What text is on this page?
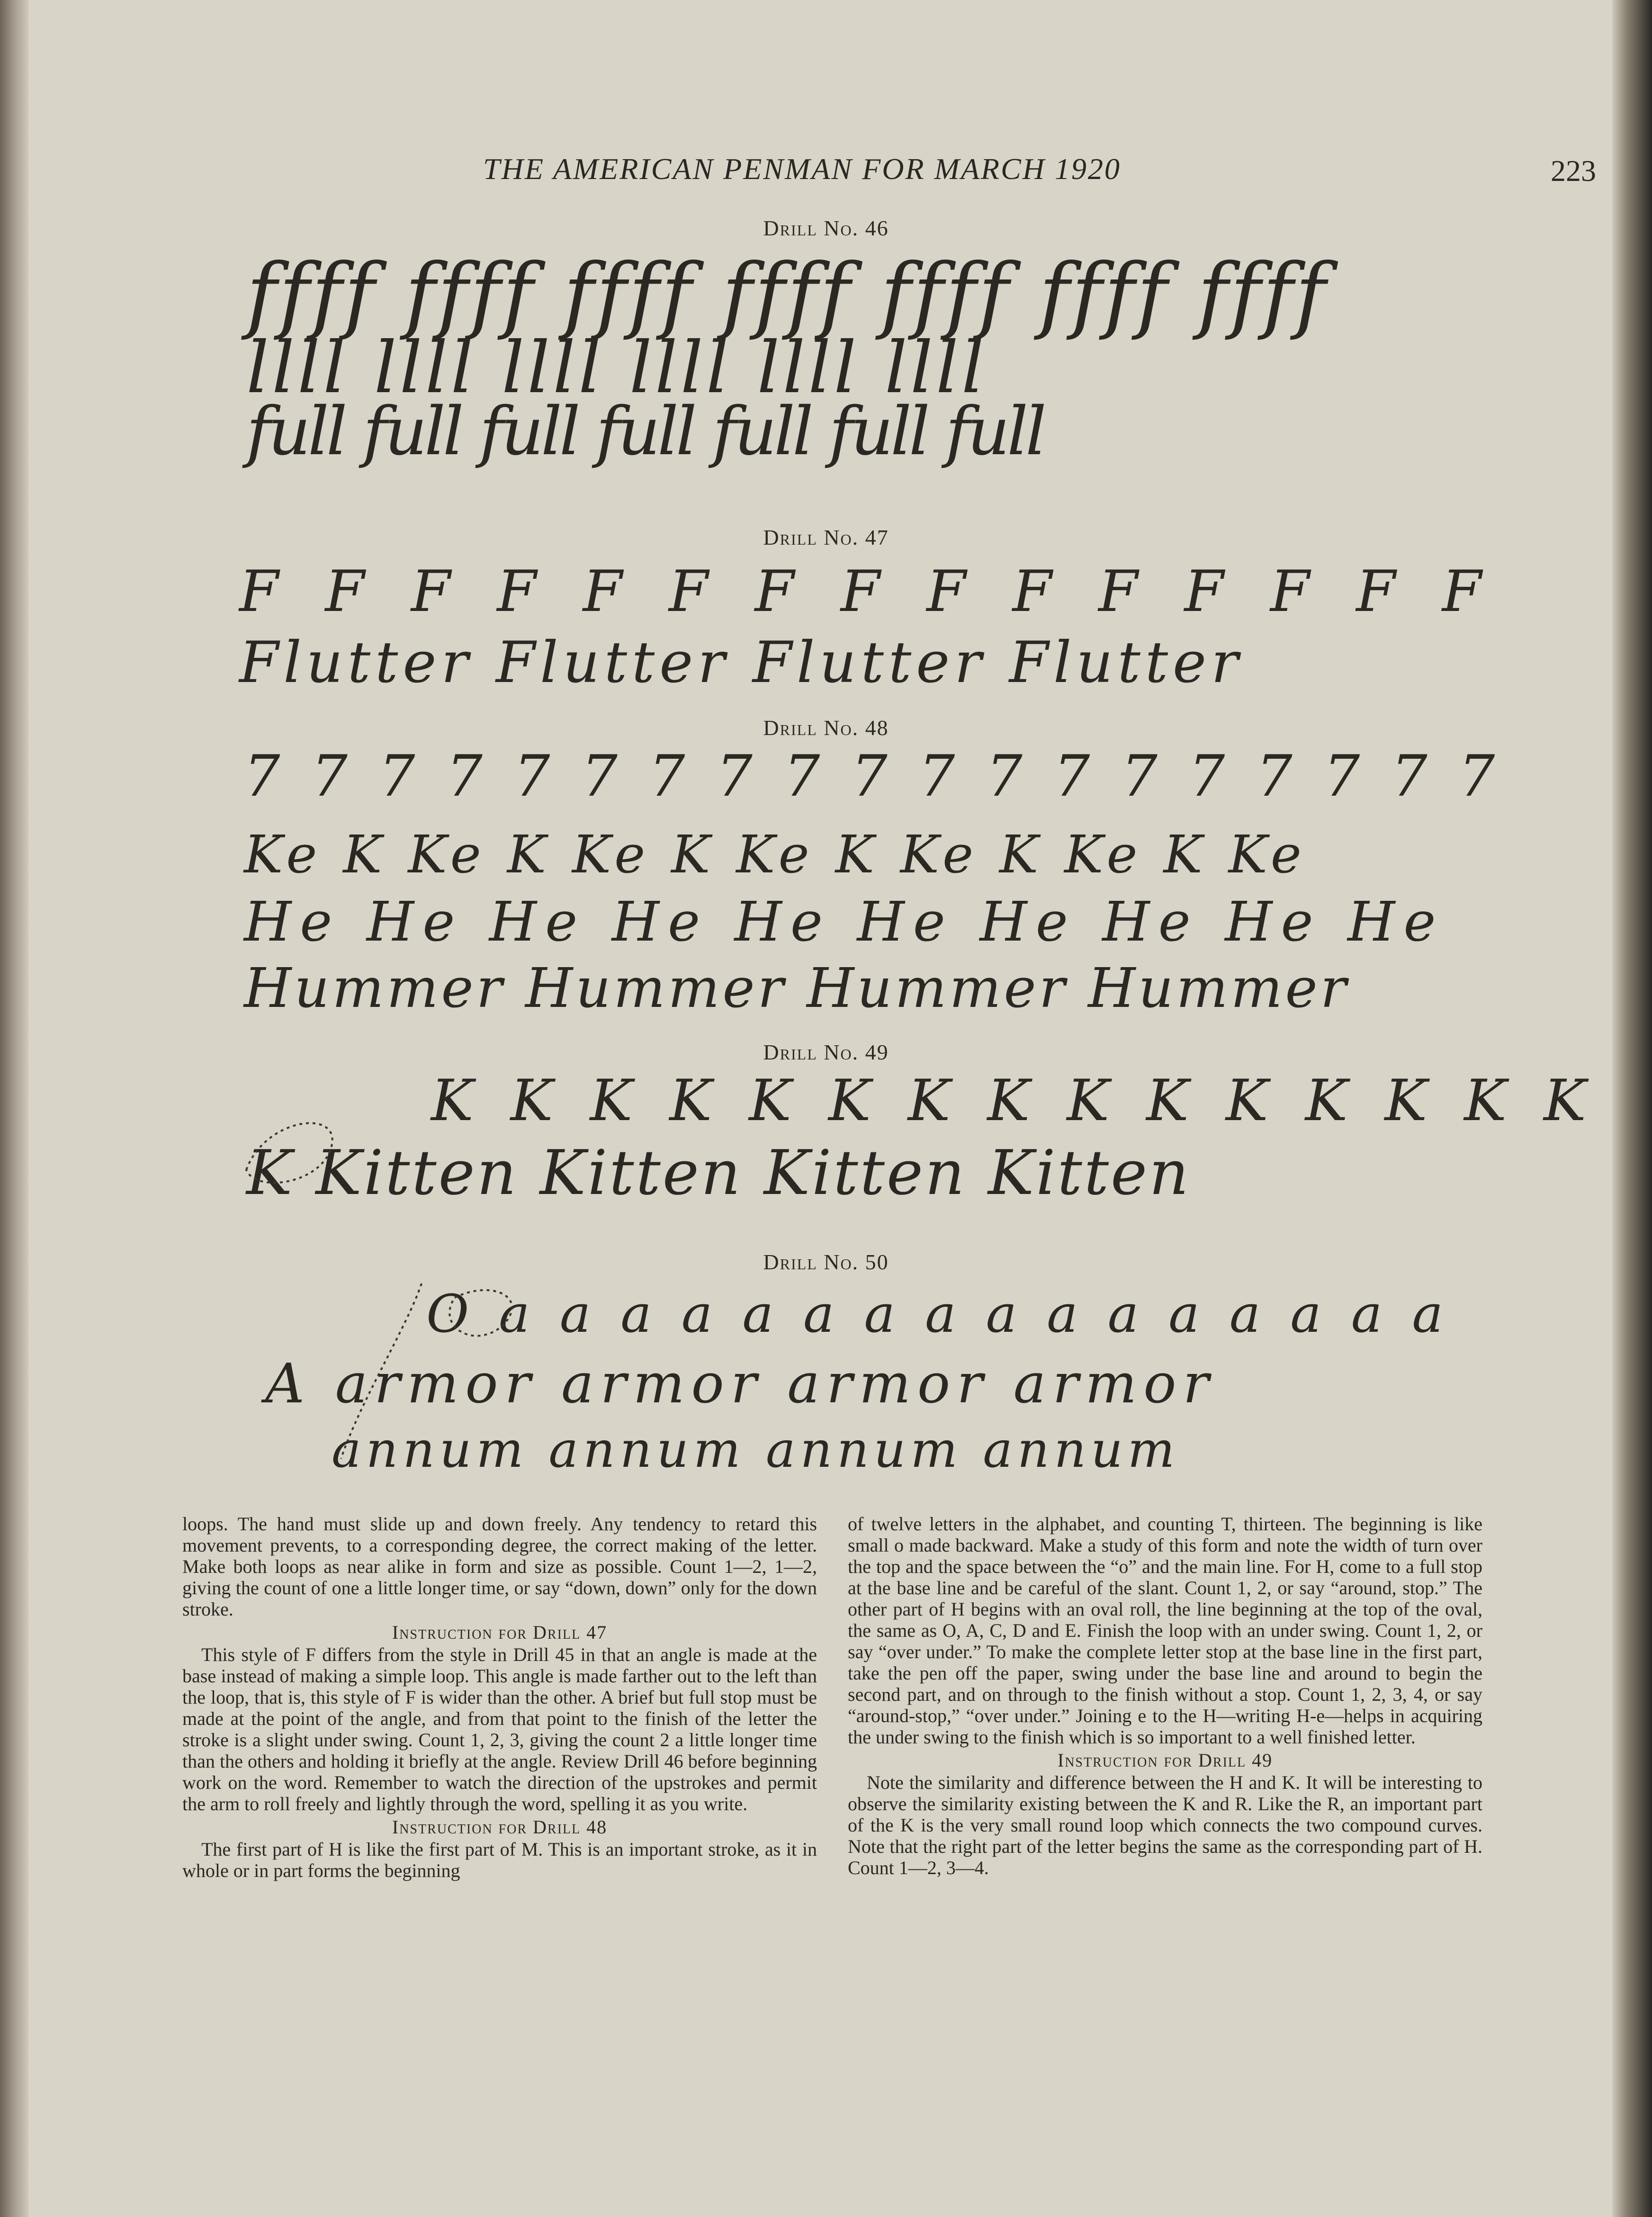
THE AMERICAN PENMAN FOR MARCH 1920	223
Drill No. 46
ffff ffff ffff ffff ffff ffff ffff
llll llll llll llll llll llll
full full full full full full full
Drill No. 47
F F F F F F F F F F F F F F F
Flutter Flutter Flutter Flutter
Drill No. 48
7 7 7 7 7 7 7 7 7 7 7 7 7 7 7 7 7 7 7
Ke K Ke K Ke K Ke K Ke K Ke K Ke
He He He He He He He He He He
Hummer Hummer Hummer Hummer
Drill No. 49
K K K K K K K K K K K K K K K
K Kitten Kitten Kitten Kitten
Drill No. 50
O a a a a a a a a a a a a a a a a
A armor armor armor armor
annum annum annum annum

loops. The hand must slide up and down freely. Any tendency to retard this movement prevents, to a corresponding degree, the correct making of the letter. Make both loops as near alike in form and size as possible. Count 1—2, 1—2, giving the count of one a little longer time, or say “down, down” only for the down stroke.

Instruction for Drill 47

This style of F differs from the style in Drill 45 in that an angle is made at the base instead of making a simple loop. This angle is made farther out to the left than the loop, that is, this style of F is wider than the other. A brief but full stop must be made at the point of the angle, and from that point to the finish of the letter the stroke is a slight under swing. Count 1, 2, 3, giving the count 2 a little longer time than the others and holding it briefly at the angle. Review Drill 46 before beginning work on the word. Remember to watch the direction of the upstrokes and permit the arm to roll freely and lightly through the word, spelling it as you write.

Instruction for Drill 48

The first part of H is like the first part of M. This is an important stroke, as it in whole or in part forms the beginning

of twelve letters in the alphabet, and counting T, thirteen. The beginning is like small o made backward. Make a study of this form and note the width of turn over the top and the space between the “o” and the main line. For H, come to a full stop at the base line and be careful of the slant. Count 1, 2, or say “around, stop.” The other part of H begins with an oval roll, the line beginning at the top of the oval, the same as O, A, C, D and E. Finish the loop with an under swing. Count 1, 2, or say “over under.” To make the complete letter stop at the base line in the first part, take the pen off the paper, swing under the base line and around to begin the second part, and on through to the finish without a stop. Count 1, 2, 3, 4, or say “around-stop,” “over under.” Joining e to the H—writing H-e—helps in acquiring the under swing to the finish which is so important to a well finished letter.

Instruction for Drill 49

Note the similarity and difference between the H and K. It will be interesting to observe the similarity existing between the K and R. Like the R, an important part of the K is the very small round loop which connects the two compound curves. Note that the right part of the letter begins the same as the corresponding part of H. Count 1—2, 3—4.
